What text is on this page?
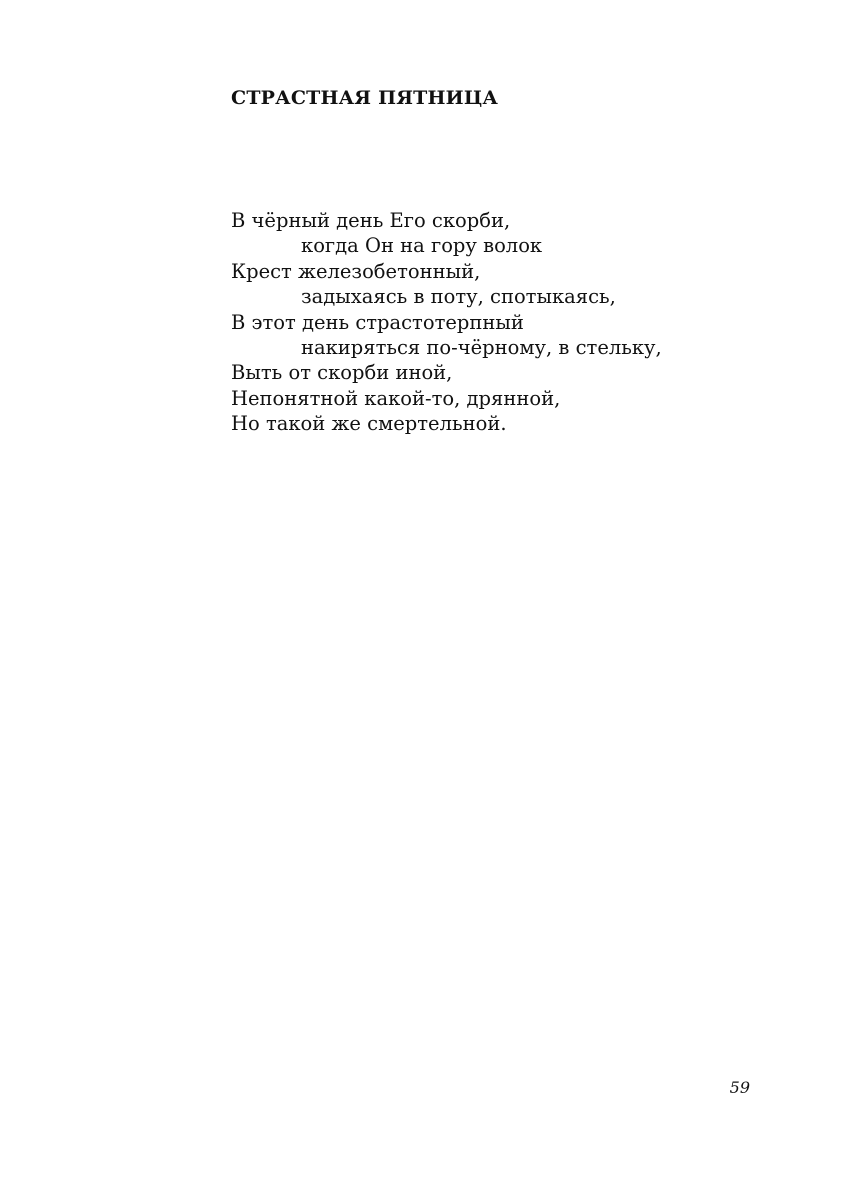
СТРАСТНАЯ ПЯТНИЦА
В чёрный день Его скорби,
когда Он на гору волок
Крест железобетонный,
задыхаясь в поту, спотыкаясь,
В этот день страстотерпный
накиряться по-чёрному, в стельку,
Выть от скорби иной,
Непонятной какой-то, дрянной,
Но такой же смертельной.
59
